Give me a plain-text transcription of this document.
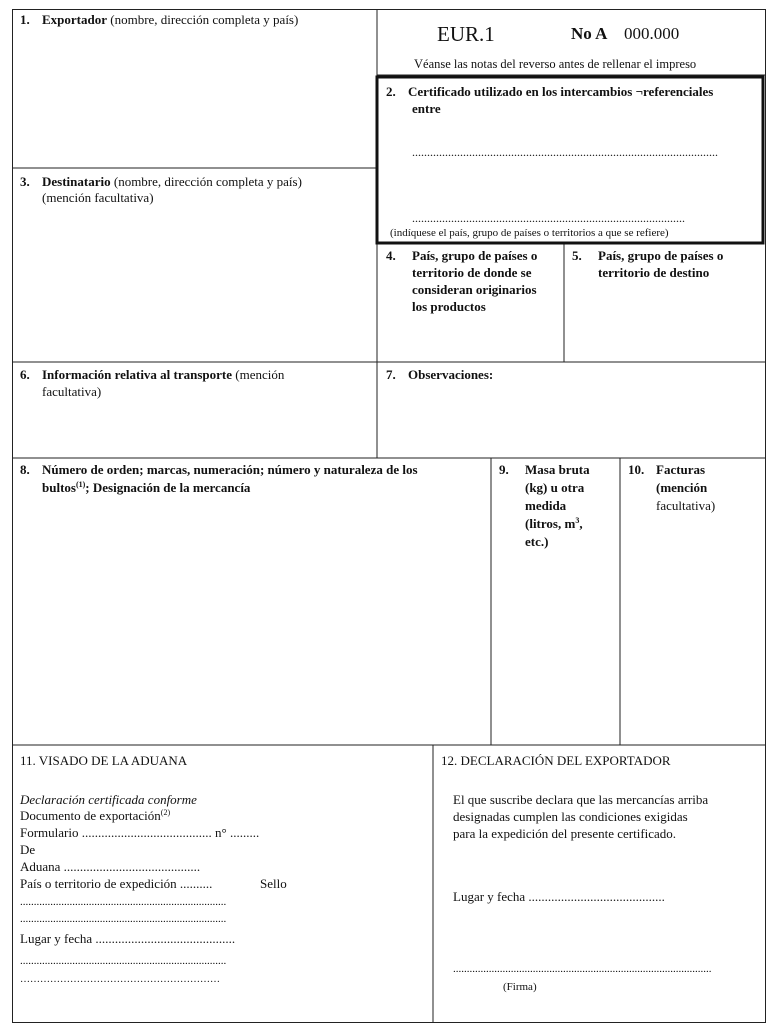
1. Exportador (nombre, dirección completa y país)
EUR.1	No A 000.000
Véanse las notas del reverso antes de rellenar el impreso
2. Certificado utilizado en los intercambios ¬referenciales
entre
......................................................................................................
...........................................................................................
(indíquese el país, grupo de países o territorios a que se refiere)
3. Destinatario (nombre, dirección completa y país)
(mención facultativa)
4. País, grupo de países o
territorio de donde se
consideran originarios
los productos
5. País, grupo de países o
territorio de destino
6. Información relativa al transporte (mención
facultativa)
7. Observaciones:
8. Número de orden; marcas, numeración; número y naturaleza de los
bultos$^{(1)}$; Designación de la mercancía
9. Masa bruta
(kg) u otra
medida
(litros, $m^3$,
etc.)
10. Facturas
(mención
facultativa)
11. VISADO DE LA ADUANA
Declaración certificada conforme
Documento de exportación$^{(2)}$
Formulario ........................................ n° .........
De
Aduana ..........................................
País o territorio de expedición ..........	Sello
...........................................................................
...........................................................................
Lugar y fecha ...........................................
...........................................................................
……………………………………………………
12. DECLARACIÓN DEL EXPORTADOR
El que suscribe declara que las mercancías arriba
designadas cumplen las condiciones exigidas
para la expedición del presente certificado.
Lugar y fecha ..........................................
..............................................................................................
(Firma)
